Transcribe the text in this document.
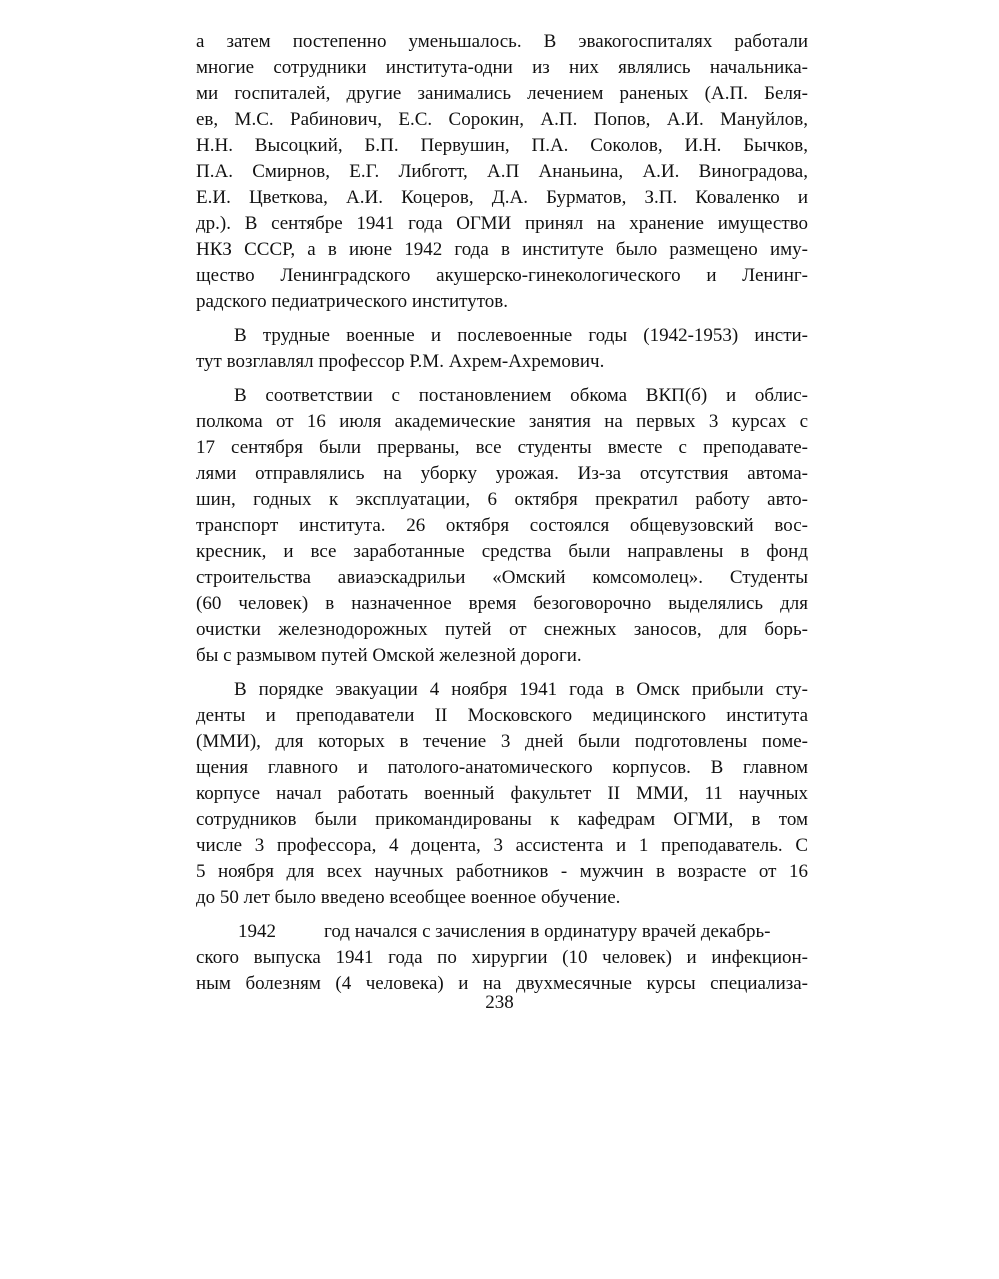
а затем постепенно уменьшалось. В эвакогоспиталях работали
многие сотрудники института-одни из них являлись начальника-
ми госпиталей, другие занимались лечением раненых (А.П. Беля-
ев, М.С. Рабинович, Е.С. Сорокин, А.П. Попов, А.И. Мануйлов,
Н.Н. Высоцкий, Б.П. Первушин, П.А. Соколов, И.Н. Бычков,
П.А. Смирнов, Е.Г. Либготт, А.П Ананьина, А.И. Виноградова,
Е.И. Цветкова, А.И. Коцеров, Д.А. Бурматов, З.П. Коваленко и
др.). В сентябре 1941 года ОГМИ принял на хранение имущество
НКЗ СССР, а в июне 1942 года в институте было размещено иму-
щество Ленинградского акушерско-гинекологического и Ленинг-
радского педиатрического институтов.
В трудные военные и послевоенные годы (1942-1953) инсти-
тут возглавлял профессор Р.М. Ахрем-Ахремович.
В соответствии с постановлением обкома ВКП(б) и облис-
полкома от 16 июля академические занятия на первых 3 курсах с
17 сентября были прерваны, все студенты вместе с преподавате-
лями отправлялись на уборку урожая. Из-за отсутствия автома-
шин, годных к эксплуатации, 6 октября прекратил работу авто-
транспорт института. 26 октября состоялся общевузовский вос-
кресник, и все заработанные средства были направлены в фонд
строительства авиаэскадрильи «Омский комсомолец». Студенты
(60 человек) в назначенное время безоговорочно выделялись для
очистки железнодорожных путей от снежных заносов, для борь-
бы с размывом путей Омской железной дороги.
В порядке эвакуации 4 ноября 1941 года в Омск прибыли сту-
денты и преподаватели II Московского медицинского института
(ММИ), для которых в течение 3 дней были подготовлены поме-
щения главного и патолого-анатомического корпусов. В главном
корпусе начал работать военный факультет II ММИ, 11 научных
сотрудников были прикомандированы к кафедрам ОГМИ, в том
числе 3 профессора, 4 доцента, 3 ассистента и 1 преподаватель. С
5 ноября для всех научных работников - мужчин в возрасте от 16
до 50 лет было введено всеобщее военное обучение.
1942	год начался с зачисления в ординатуру врачей декабрь-
ского выпуска 1941 года по хирургии (10 человек) и инфекцион-
ным болезням (4 человека) и на двухмесячные курсы специализа-
238
